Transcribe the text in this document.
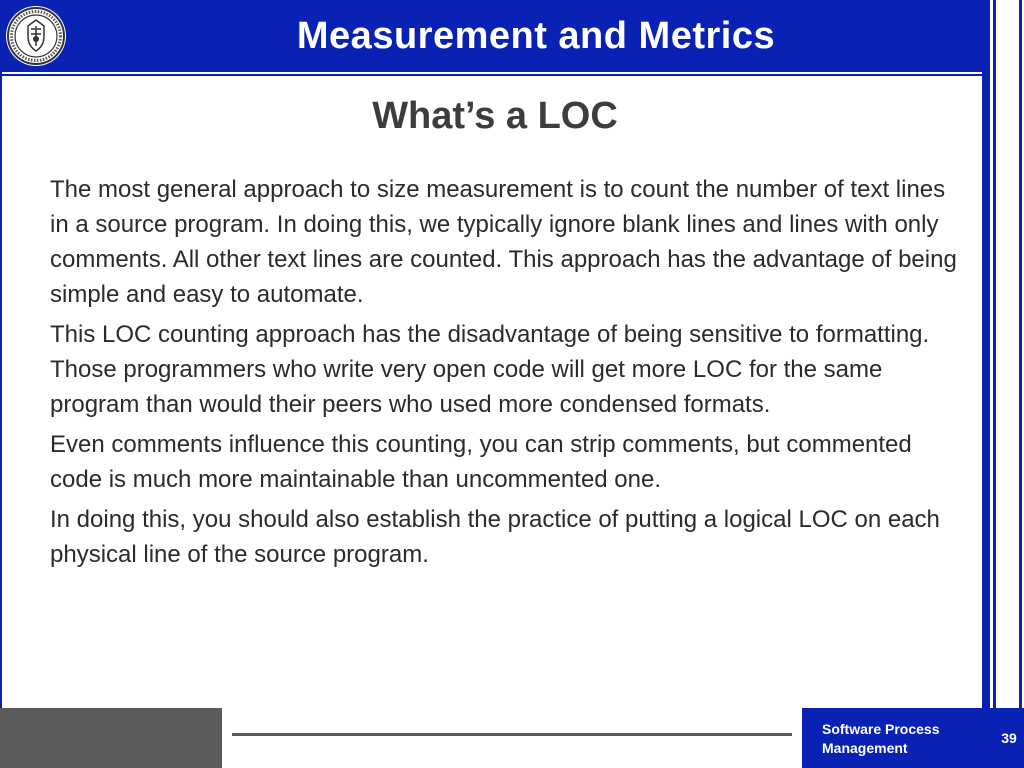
Measurement and Metrics
What’s a LOC

The most general approach to size measurement is to count the number of text lines in a source program. In doing this, we typically ignore blank lines and lines with only comments. All other text lines are counted. This approach has the advantage of being simple and easy to automate.

This LOC counting approach has the disadvantage of being sensitive to formatting. Those programmers who write very open code will get more LOC for the same program than would their peers who used more condensed formats.

Even comments influence this counting, you can strip comments, but commented code is much more maintainable than uncommented one.

In doing this, you should also establish the practice of putting a logical LOC on each physical line of the source program.

Software Process Management
39
